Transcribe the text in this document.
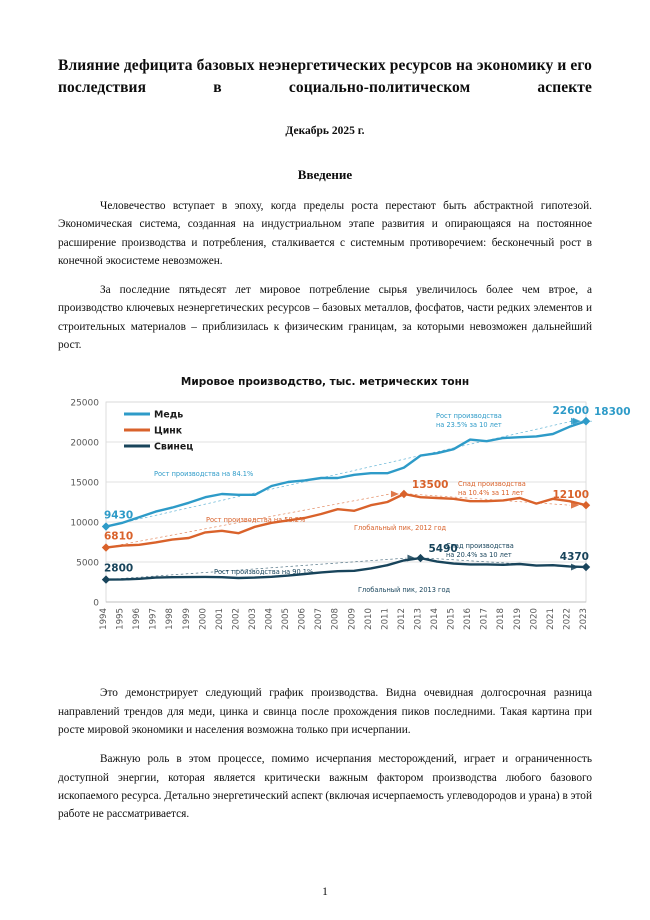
Влияние дефицита базовых неэнергетических ресурсов на экономику и его последствия в социально-политическом аспекте
Декабрь 2025 г.
Введение

Человечество вступает в эпоху, когда пределы роста перестают быть абстрактной гипотезой. Экономическая система, созданная на индустриальном этапе развития и опирающаяся на постоянное расширение производства и потребления, сталкивается с системным противоречием: бесконечный рост в конечной экосистеме невозможен.

За последние пятьдесят лет мировое потребление сырья увеличилось более чем втрое, а производство ключевых неэнергетических ресурсов – базовых металлов, фосфатов, части редких элементов и строительных материалов – приблизилась к физическим границам, за которыми невозможен дальнейший рост.

Мировое производство, тыс. метрических тонн
0
5000
10000
15000
20000
25000
1994 1995 1996 1997 1998 1999 2000 2001 2002 2003 2004 2005 2006 2007 2008 2009 2010 2011 2012 2013 2014 2015 2016 2017 2018 2019 2020 2021 2022 2023
9430
18300
22600
6810
13500
12100
2800
5490
4370
Рост производства на 84.1%
Рост производства на 58.2%
Рост производства на 90.1%
Рост производства
на 23.5% за 10 лет
Спад производства
на 10.4% за 11 лет
Спад производства
на 20.4% за 10 лет
Глобальный пик, 2012 год
Глобальный пик, 2013 год
Медь
Цинк
Свинец

Это демонстрирует следующий график производства. Видна очевидная долгосрочная разница направлений трендов для меди, цинка и свинца после прохождения пиков последними. Такая картина при росте мировой экономики и населения возможна только при исчерпании.

Важную роль в этом процессе, помимо исчерпания месторождений, играет и ограниченность доступной энергии, которая является критически важным фактором производства любого базового ископаемого ресурса. Детально энергетический аспект (включая исчерпаемость углеводородов и урана) в этой работе не рассматривается.

1
